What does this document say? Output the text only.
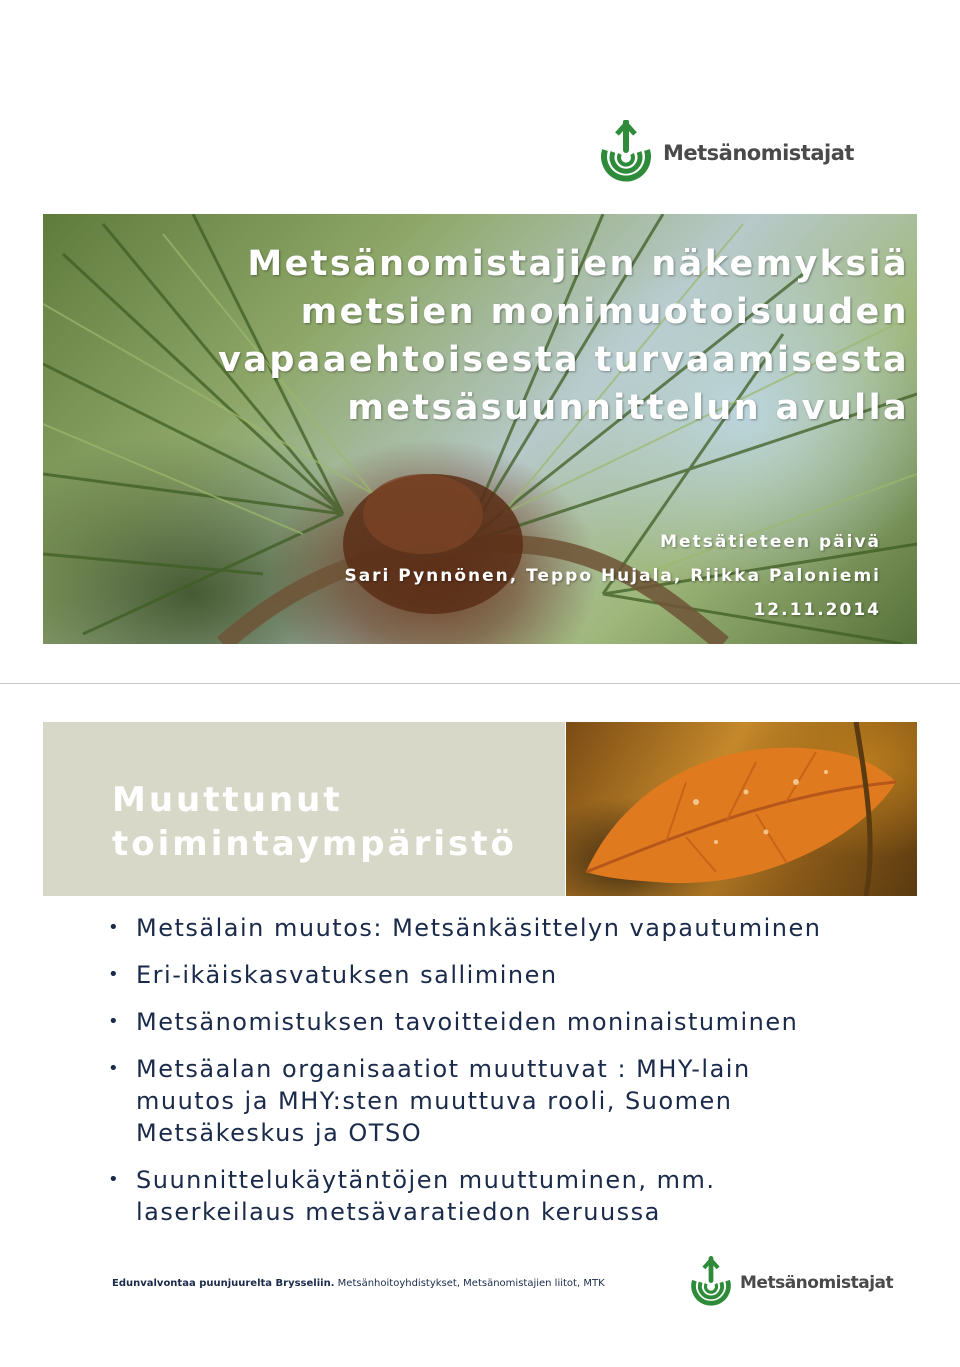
Metsänomistajat
Metsänomistajien näkemyksiä
metsien monimuotoisuuden
vapaaehtoisesta turvaamisesta
metsäsuunnittelun avulla
Metsätieteen päivä
Sari Pynnönen, Teppo Hujala, Riikka Paloniemi
12.11.2014
Muuttunut
toimintaympäristö
• Metsälain muutos: Metsänkäsittelyn vapautuminen
• Eri-ikäiskasvatuksen salliminen
• Metsänomistuksen tavoitteiden moninaistuminen
• Metsäalan organisaatiot muuttuvat : MHY-lain
muutos ja MHY:sten muuttuva rooli, Suomen
Metsäkeskus ja OTSO
• Suunnittelukäytäntöjen muuttuminen, mm.
laserkeilaus metsävaratiedon keruussa
Edunvalvontaa puunjuurelta Brysseliin. Metsänhoitoyhdistykset, Metsänomistajien liitot, MTK	Metsänomistajat
